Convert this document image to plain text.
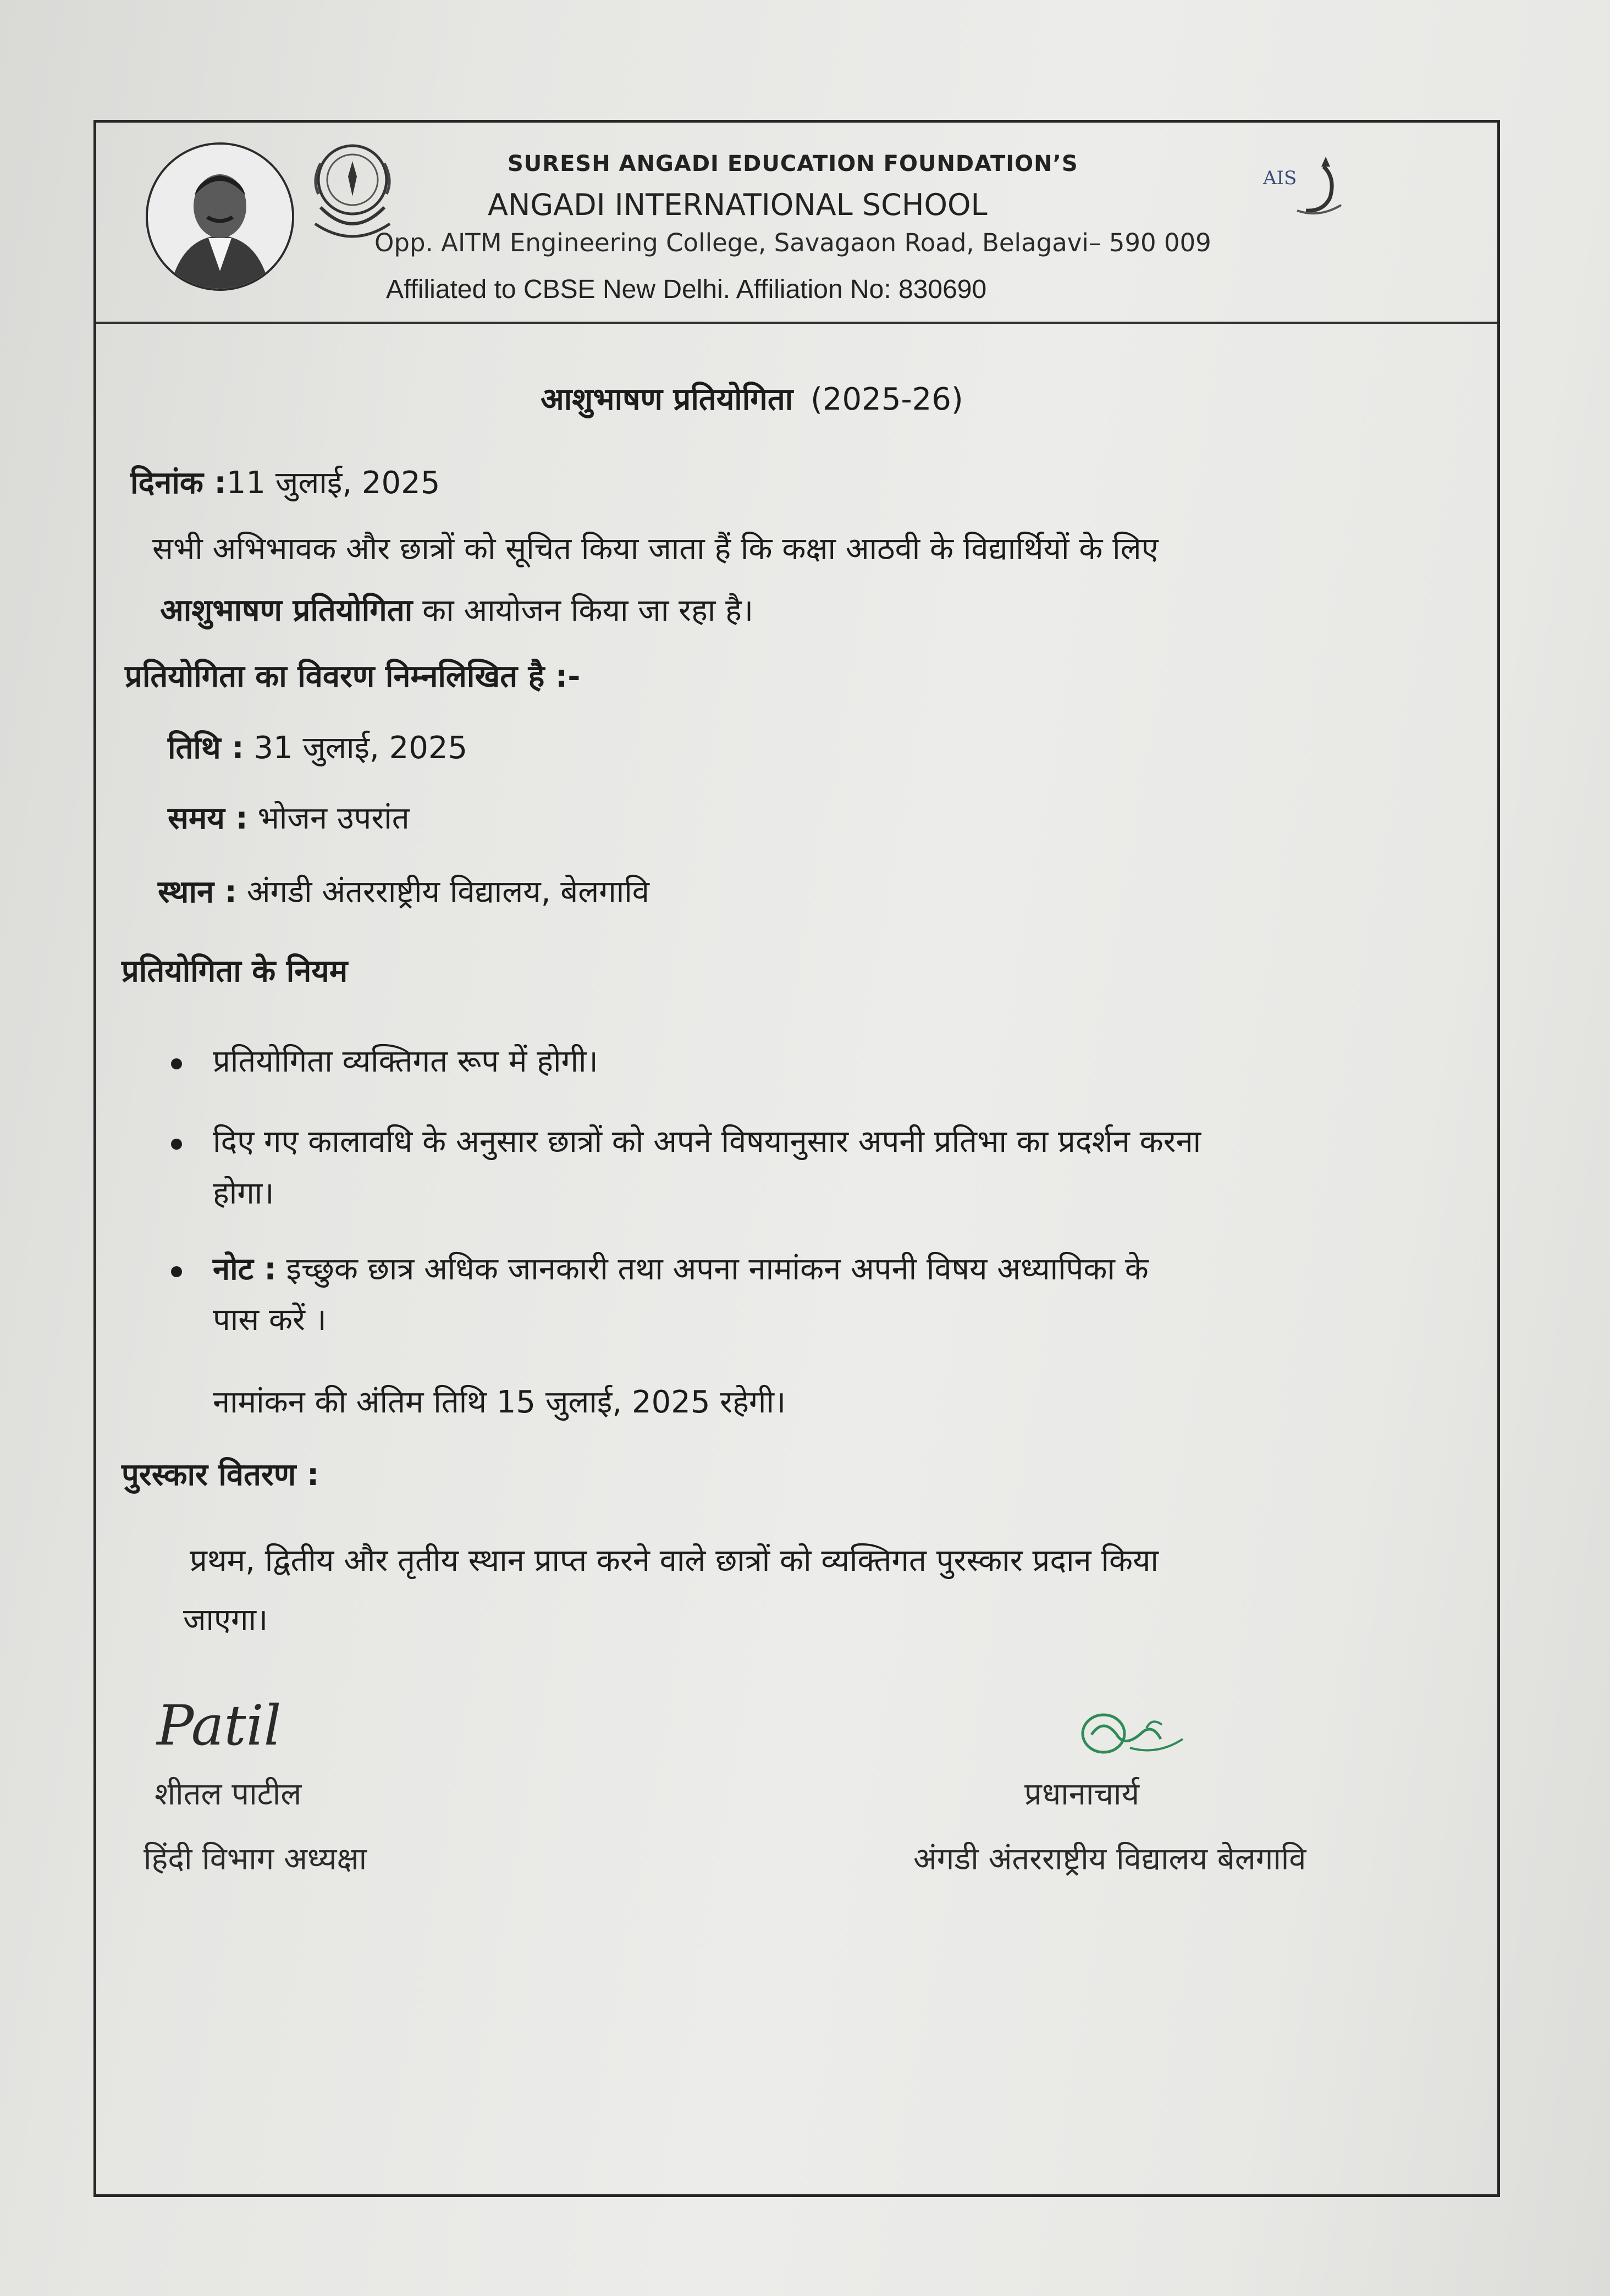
SURESH ANGADI EDUCATION FOUNDATION’S
ANGADI INTERNATIONAL SCHOOL
Opp. AITM Engineering College, Savagaon Road, Belagavi– 590 009
Affiliated to CBSE New Delhi. Affiliation No: 830690
AIS
आशुभाषण प्रतियोगिता (2025-26)
दिनांक :11 जुलाई, 2025
सभी अभिभावक और छात्रों को सूचित किया जाता हैं कि कक्षा आठवी के विद्यार्थियों के लिए
आशुभाषण प्रतियोगिता का आयोजन किया जा रहा है।
प्रतियोगिता का विवरण निम्नलिखित है :-
तिथि : 31 जुलाई, 2025
समय : भोजन उपरांत
स्थान : अंगडी अंतरराष्ट्रीय विद्यालय, बेलगावि
प्रतियोगिता के नियम
प्रतियोगिता व्यक्तिगत रूप में होगी।
दिए गए कालावधि के अनुसार छात्रों को अपने विषयानुसार अपनी प्रतिभा का प्रदर्शन करना
होगा।
नोट : इच्छुक छात्र अधिक जानकारी तथा अपना नामांकन अपनी विषय अध्यापिका के
पास करें ।
नामांकन की अंतिम तिथि 15 जुलाई, 2025 रहेगी।
पुरस्कार वितरण :
प्रथम, द्वितीय और तृतीय स्थान प्राप्त करने वाले छात्रों को व्यक्तिगत पुरस्कार प्रदान किया
जाएगा।
Patil
शीतल पाटील
हिंदी विभाग अध्यक्षा
प्रधानाचार्य
अंगडी अंतरराष्ट्रीय विद्यालय बेलगावि
